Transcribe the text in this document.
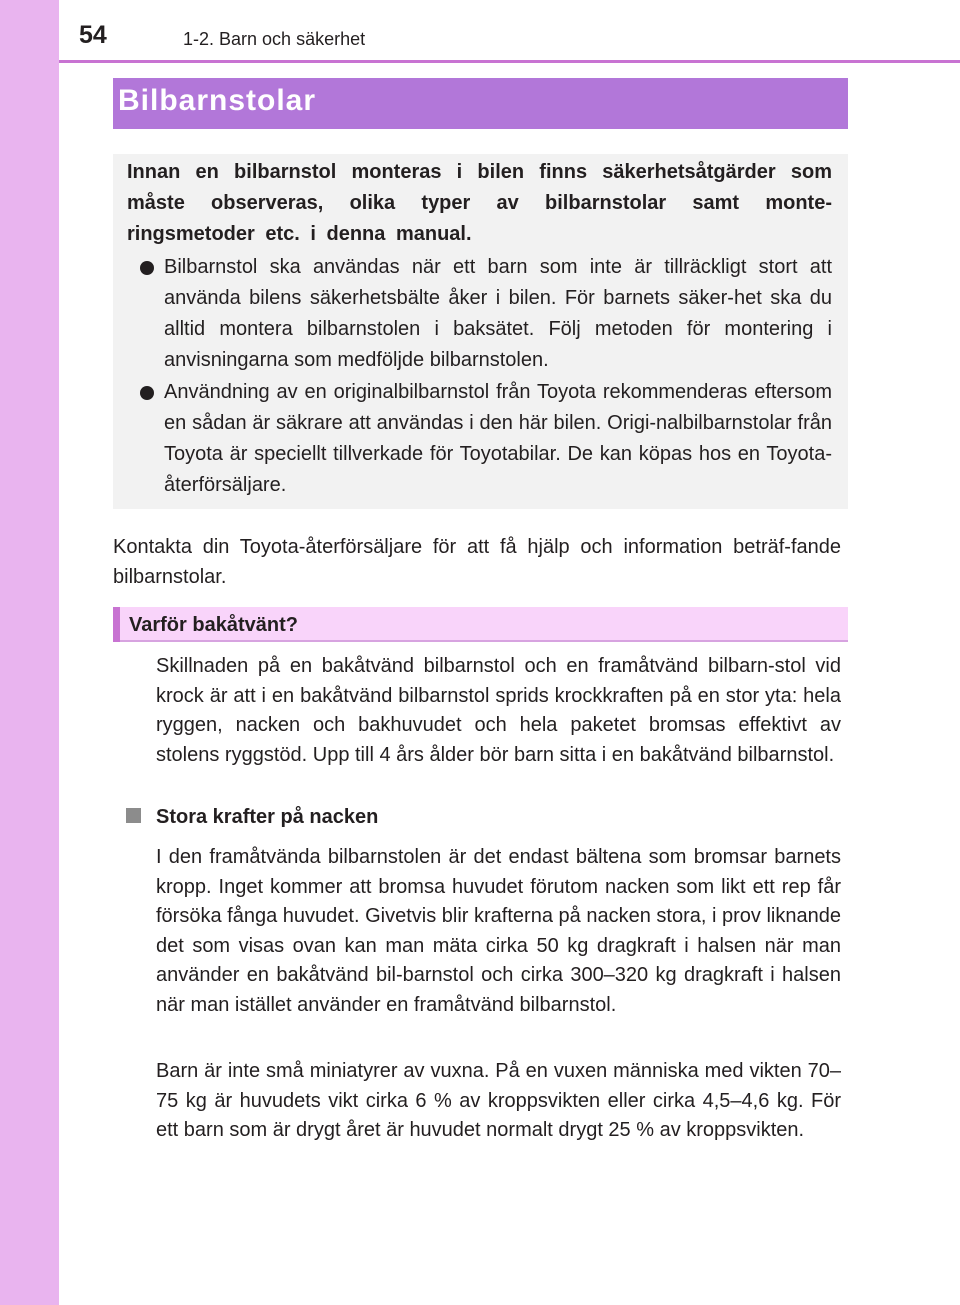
54	1-2. Barn och säkerhet
Bilbarnstolar
Innan en bilbarnstol monteras i bilen finns säkerhetsåtgärder som måste observeras, olika typer av bilbarnstolar samt monte-ringsmetoder etc. i denna manual.
Bilbarnstol ska användas när ett barn som inte är tillräckligt stort att använda bilens säkerhetsbälte åker i bilen. För barnets säker-het ska du alltid montera bilbarnstolen i baksätet. Följ metoden för montering i anvisningarna som medföljde bilbarnstolen.
Användning av en originalbilbarnstol från Toyota rekommenderas eftersom en sådan är säkrare att användas i den här bilen. Origi-nalbilbarnstolar från Toyota är speciellt tillverkade för Toyotabilar. De kan köpas hos en Toyota-återförsäljare.
Kontakta din Toyota-återförsäljare för att få hjälp och information beträf-fande bilbarnstolar.
Varför bakåtvänt?
Skillnaden på en bakåtvänd bilbarnstol och en framåtvänd bilbarn-stol vid krock är att i en bakåtvänd bilbarnstol sprids krockkraften på en stor yta: hela ryggen, nacken och bakhuvudet och hela paketet bromsas effektivt av stolens ryggstöd. Upp till 4 års ålder bör barn sitta i en bakåtvänd bilbarnstol.
Stora krafter på nacken
I den framåtvända bilbarnstolen är det endast bältena som bromsar barnets kropp. Inget kommer att bromsa huvudet förutom nacken som likt ett rep får försöka fånga huvudet. Givetvis blir krafterna på nacken stora, i prov liknande det som visas ovan kan man mäta cirka 50 kg dragkraft i halsen när man använder en bakåtvänd bil-barnstol och cirka 300–320 kg dragkraft i halsen när man istället använder en framåtvänd bilbarnstol.
Barn är inte små miniatyrer av vuxna. På en vuxen människa med vikten 70–75 kg är huvudets vikt cirka 6 % av kroppsvikten eller cirka 4,5–4,6 kg. För ett barn som är drygt året är huvudet normalt drygt 25 % av kroppsvikten.
